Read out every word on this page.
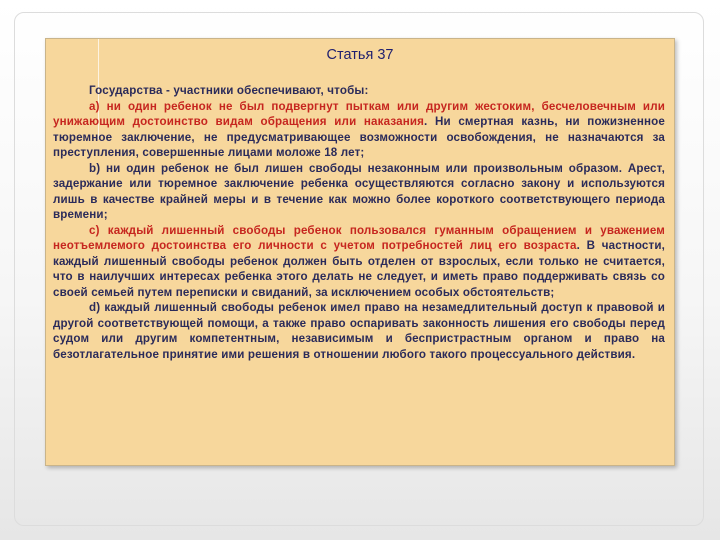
Статья 37

Государства - участники обеспечивают, чтобы:

a) ни один ребенок не был подвергнут пыткам или другим жестоким, бесчеловечным или унижающим достоинство видам обращения или наказания. Ни смертная казнь, ни пожизненное тюремное заключение, не предусматривающее возможности освобождения, не назначаются за преступления, совершенные лицами моложе 18 лет;

b) ни один ребенок не был лишен свободы незаконным или произвольным образом. Арест, задержание или тюремное заключение ребенка осуществляются согласно закону и используются лишь в качестве крайней меры и в течение как можно более короткого соответствующего периода времени;

c) каждый лишенный свободы ребенок пользовался гуманным обращением и уважением неотъемлемого достоинства его личности с учетом потребностей лиц его возраста. В частности, каждый лишенный свободы ребенок должен быть отделен от взрослых, если только не считается, что в наилучших интересах ребенка этого делать не следует, и иметь право поддерживать связь со своей семьей путем переписки и свиданий, за исключением особых обстоятельств;

d) каждый лишенный свободы ребенок имел право на незамедлительный доступ к правовой и другой соответствующей помощи, а также право оспаривать законность лишения его свободы перед судом или другим компетентным, независимым и беспристрастным органом и право на безотлагательное принятие ими решения в отношении любого такого процессуального действия.
